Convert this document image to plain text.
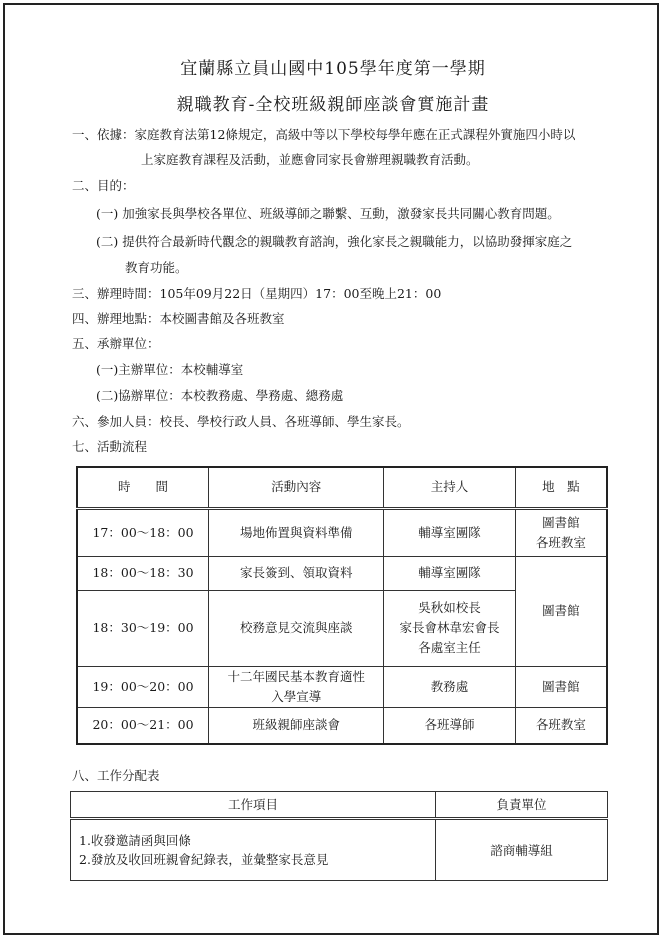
宜蘭縣立員山國中105學年度第一學期
親職教育-全校班級親師座談會實施計畫
一、依據：家庭教育法第12條規定，高級中等以下學校每學年應在正式課程外實施四小時以
上家庭教育課程及活動，並應會同家長會辦理親職教育活動。
二、目的：
(一) 加強家長與學校各單位、班級導師之聯繫、互動，激發家長共同關心教育問題。
(二) 提供符合最新時代觀念的親職教育諮詢，強化家長之親職能力，以協助發揮家庭之
教育功能。
三、辦理時間：105年09月22日（星期四）17：00至晚上21：00
四、辦理地點：本校圖書館及各班教室
五、承辦單位：
(一)主辦單位：本校輔導室
(二)協辦單位：本校教務處、學務處、總務處
六、參加人員：校長、學校行政人員、各班導師、學生家長。
七、活動流程
時　　間	活動內容	主持人	地　點
17：00～18：00	場地佈置與資料準備	輔導室團隊	圖書館
各班教室

18：00～18：30	家長簽到、領取資料	輔導室團隊	圖書館
18：30～19：00	校務意見交流與座談	吳秋如校長
家長會林韋宏會長
各處室主任	

19：00～20：00	十二年國民基本教育適性
入學宣導	教務處	圖書館
20：00～21：00	班級親師座談會	各班導師	各班教室
八、工作分配表
工作項目	負責單位

1.收發邀請函與回條
2.發放及收回班親會紀錄表，並彙整家長意見	諮商輔導組
